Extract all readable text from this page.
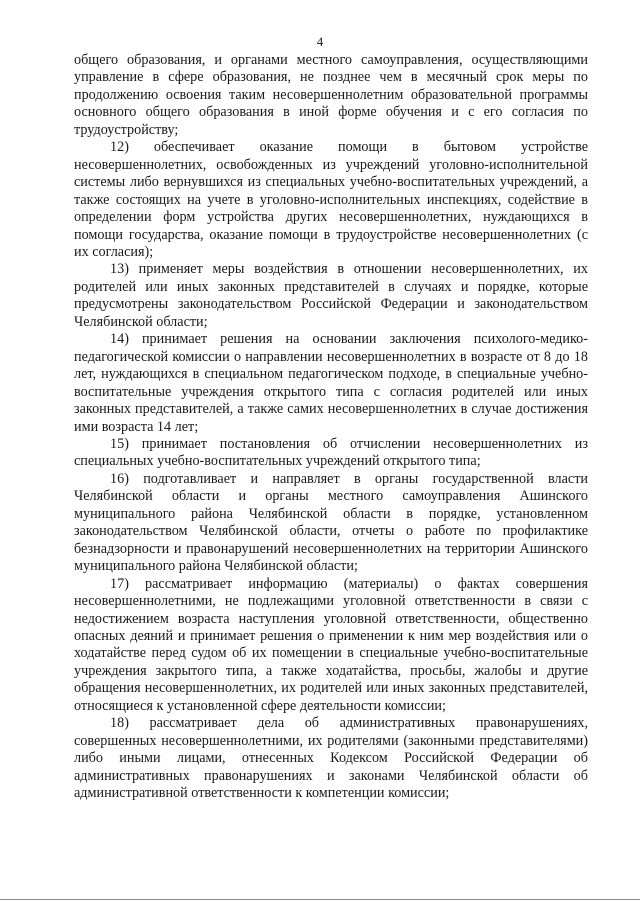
4

общего образования, и органами местного самоуправления, осуществляющими управление в сфере образования, не позднее чем в месячный срок меры по продолжению освоения таким несовершеннолетним образовательной программы основного общего образования в иной форме обучения и с его согласия по трудоустройству;

12) обеспечивает оказание помощи в бытовом устройстве несовершеннолетних, освобожденных из учреждений уголовно-исполнительной системы либо вернувшихся из специальных учебно-воспитательных учреждений, а также состоящих на учете в уголовно-исполнительных инспекциях, содействие в определении форм устройства других несовершеннолетних, нуждающихся в помощи государства, оказание помощи в трудоустройстве несовершеннолетних (с их согласия);

13) применяет меры воздействия в отношении несовершеннолетних, их родителей или иных законных представителей в случаях и порядке, которые предусмотрены законодательством Российской Федерации и законодательством Челябинской области;

14) принимает решения на основании заключения психолого-медико-педагогической комиссии о направлении несовершеннолетних в возрасте от 8 до 18 лет, нуждающихся в специальном педагогическом подходе, в специальные учебно-воспитательные учреждения открытого типа с согласия родителей или иных законных представителей, а также самих несовершеннолетних в случае достижения ими возраста 14 лет;

15) принимает постановления об отчислении несовершеннолетних из специальных учебно-воспитательных учреждений открытого типа;

16) подготавливает и направляет в органы государственной власти Челябинской области и органы местного самоуправления Ашинского муниципального района Челябинской области в порядке, установленном законодательством Челябинской области, отчеты о работе по профилактике безнадзорности и правонарушений несовершеннолетних на территории Ашинского муниципального района Челябинской области;

17) рассматривает информацию (материалы) о фактах совершения несовершеннолетними, не подлежащими уголовной ответственности в связи с недостижением возраста наступления уголовной ответственности, общественно опасных деяний и принимает решения о применении к ним мер воздействия или о ходатайстве перед судом об их помещении в специальные учебно-воспитательные учреждения закрытого типа, а также ходатайства, просьбы, жалобы и другие обращения несовершеннолетних, их родителей или иных законных представителей, относящиеся к установленной сфере деятельности комиссии;

18) рассматривает дела об административных правонарушениях, совершенных несовершеннолетними, их родителями (законными представителями) либо иными лицами, отнесенных Кодексом Российской Федерации об административных правонарушениях и законами Челябинской области об административной ответственности к компетенции комиссии;
